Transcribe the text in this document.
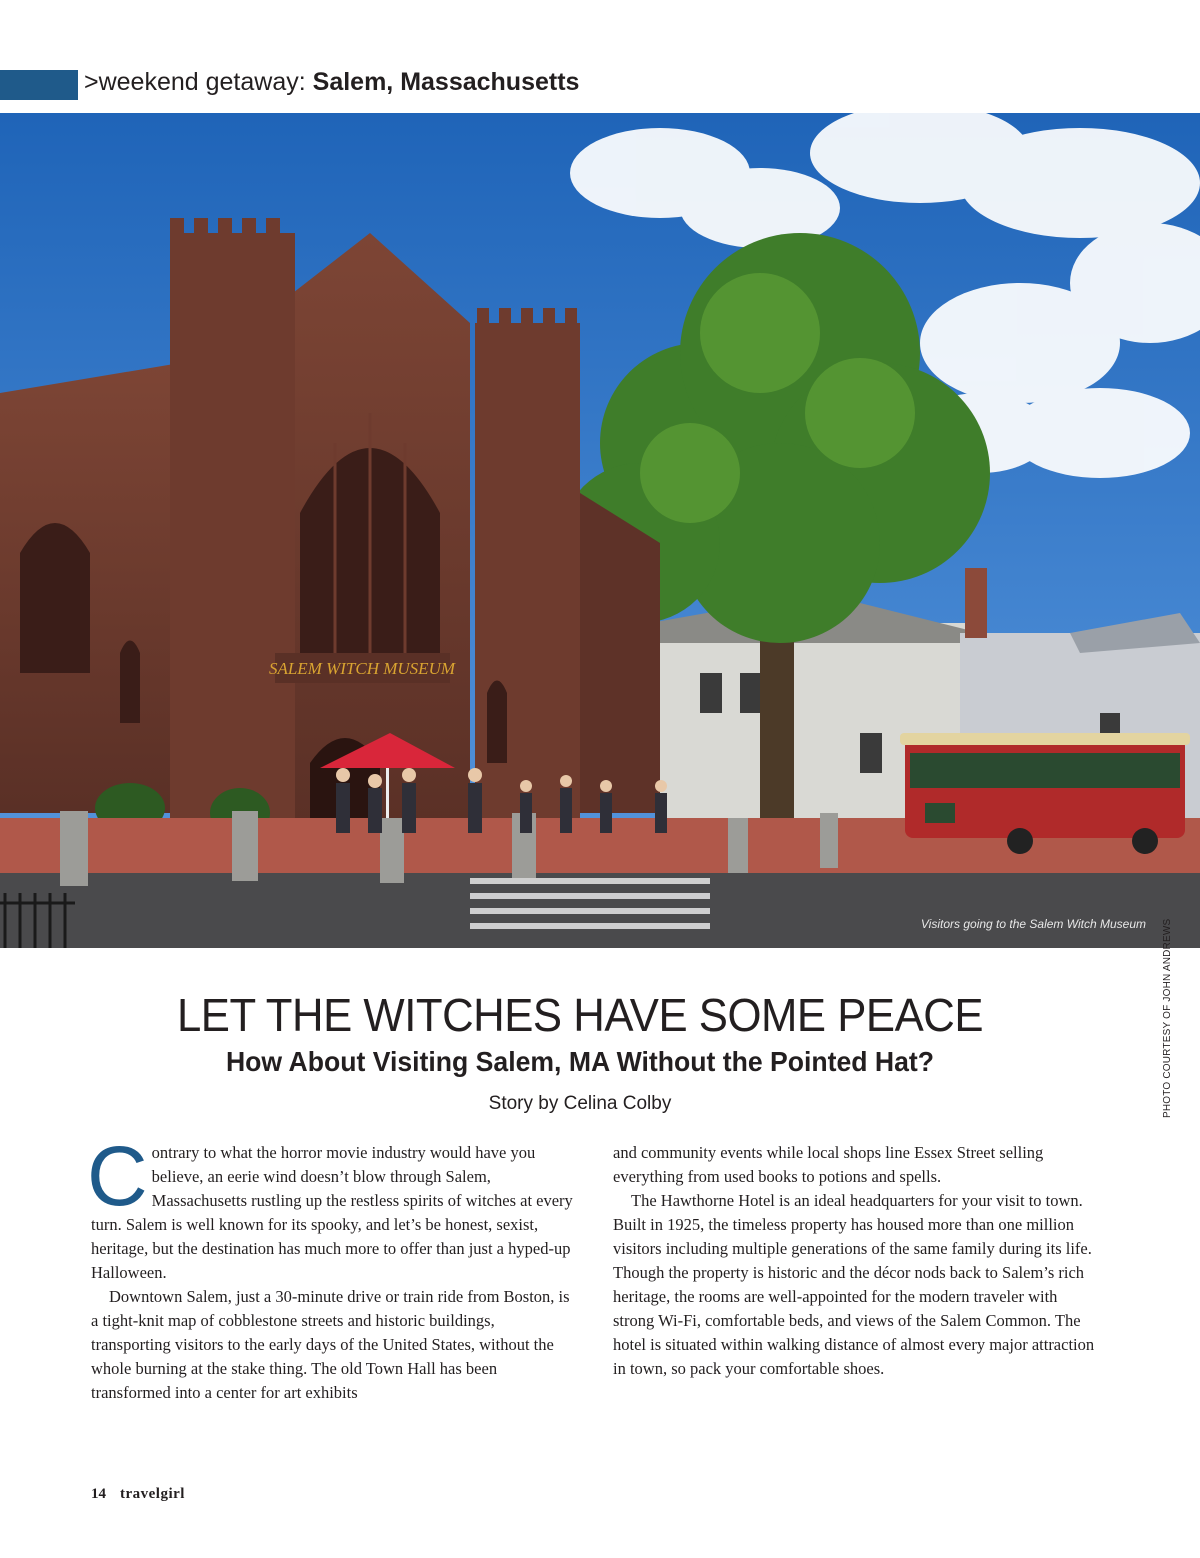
>weekend getaway: Salem, Massachusetts
SALEM WITCH MUSEUM
Visitors going to the Salem Witch Museum PHOTO COURTESY OF JOHN ANDREWS
LET THE WITCHES HAVE SOME PEACE
How About Visiting Salem, MA Without the Pointed Hat?
Story by Celina Colby

Contrary to what the horror movie industry would have you believe, an eerie wind doesn’t blow through Salem, Massachusetts rustling up the restless spirits of witches at every turn. Salem is well known for its spooky, and let’s be honest, sexist, heritage, but the destination has much more to offer than just a hyped-up Halloween.

Downtown Salem, just a 30-minute drive or train ride from Boston, is a tight-knit map of cobblestone streets and historic buildings, transporting visitors to the early days of the United States, without the whole burning at the stake thing. The old Town Hall has been transformed into a center for art exhibits

and community events while local shops line Essex Street selling everything from used books to potions and spells.

The Hawthorne Hotel is an ideal headquarters for your visit to town. Built in 1925, the timeless property has housed more than one million visitors including multiple generations of the same family during its life. Though the property is historic and the décor nods back to Salem’s rich heritage, the rooms are well-appointed for the modern traveler with strong Wi-Fi, comfortable beds, and views of the Salem Common. The hotel is situated within walking distance of almost every major attraction in town, so pack your comfortable shoes.

14 travelgirl
